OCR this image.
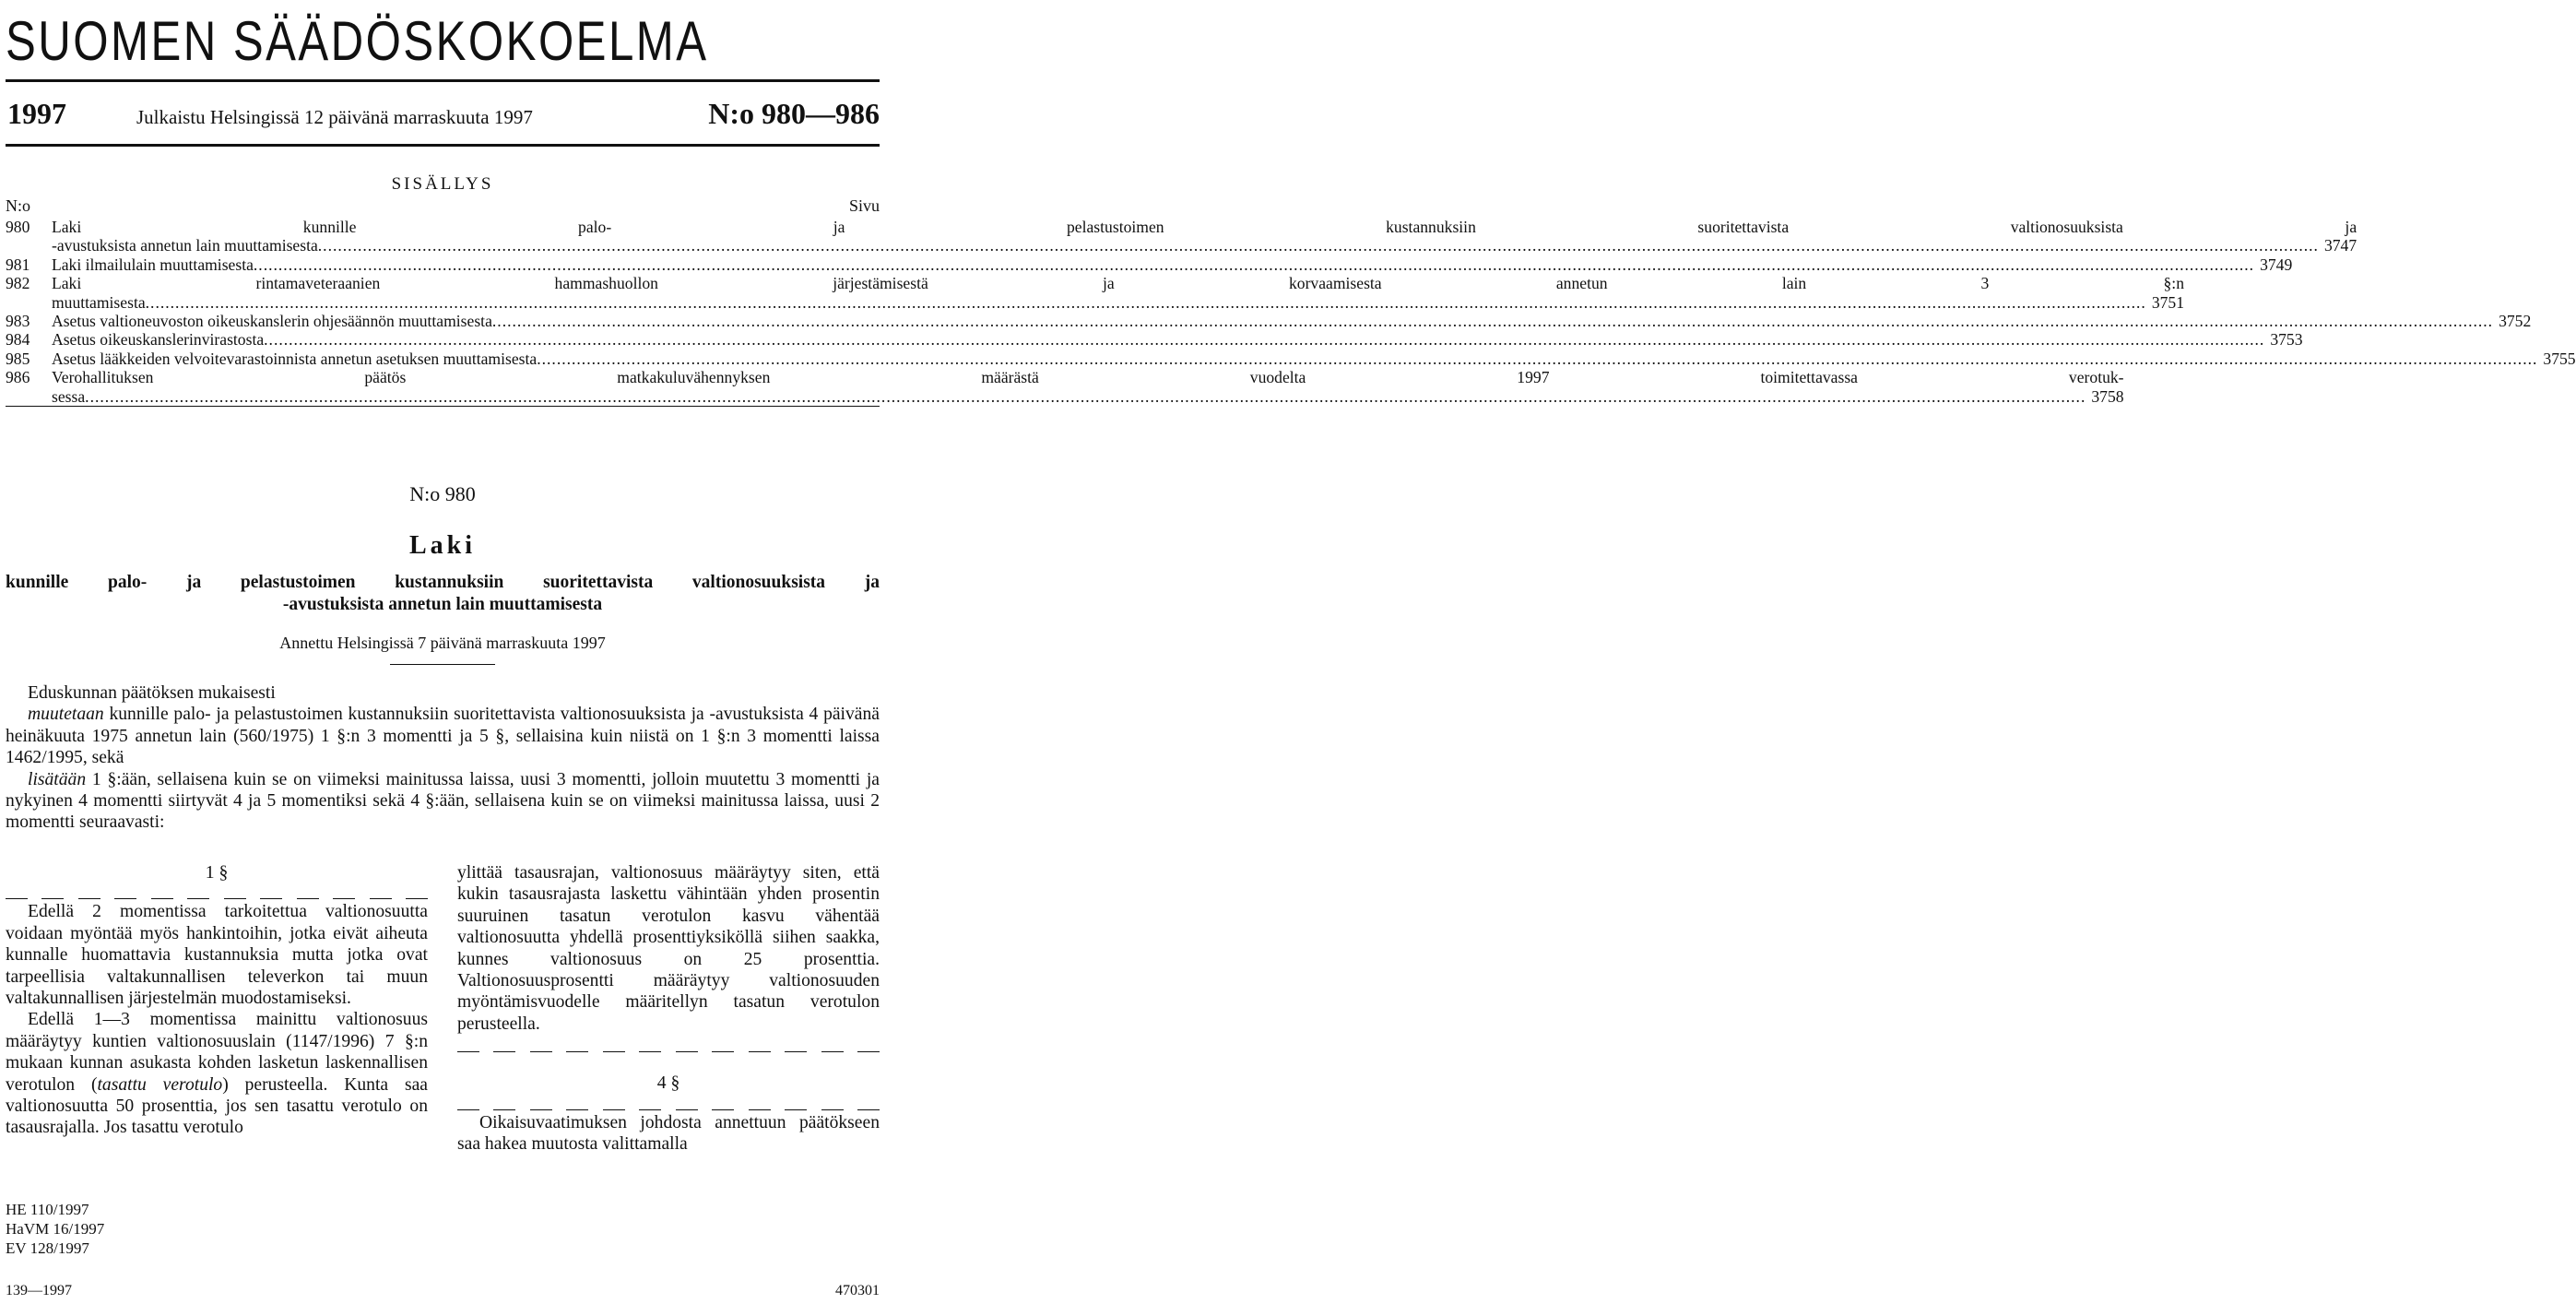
SUOMEN SÄÄDÖSKOKOELMA
1997	Julkaistu Helsingissä 12 päivänä marraskuuta 1997	N:o 980—986
SISÄLLYS
N:o	Sivu
980	Laki kunnille palo- ja pelastustoimen kustannuksiin suoritettavista valtionosuuksista ja
-avustuksista annetun lain muuttamisesta .....	3747
981	Laki ilmailulain muuttamisesta .....	3749
982	Laki rintamaveteraanien hammashuollon järjestämisestä ja korvaamisesta annetun lain 3 §:n
muuttamisesta .....	3751
983	Asetus valtioneuvoston oikeuskanslerin ohjesäännön muuttamisesta .....	3752
984	Asetus oikeuskanslerinvirastosta .....	3753
985	Asetus lääkkeiden velvoitevarastoinnista annetun asetuksen muuttamisesta .....	3755
986	Verohallituksen päätös matkakuluvähennyksen määrästä vuodelta 1997 toimitettavassa verotuk-
sessa .....	3758
N:o 980
Laki
kunnille palo- ja pelastustoimen kustannuksiin suoritettavista valtionosuuksista ja
-avustuksista annetun lain muuttamisesta
Annettu Helsingissä 7 päivänä marraskuuta 1997

Eduskunnan päätöksen mukaisesti

muutetaan kunnille palo- ja pelastustoimen kustannuksiin suoritettavista valtionosuuksista ja -avustuksista 4 päivänä heinäkuuta 1975 annetun lain (560/1975) 1 §:n 3 momentti ja 5 §, sellaisina kuin niistä on 1 §:n 3 momentti laissa 1462/1995, sekä

lisätään 1 §:ään, sellaisena kuin se on viimeksi mainitussa laissa, uusi 3 momentti, jolloin muutettu 3 momentti ja nykyinen 4 momentti siirtyvät 4 ja 5 momentiksi sekä 4 §:ään, sellaisena kuin se on viimeksi mainitussa laissa, uusi 2 momentti seuraavasti:

1 §

Edellä 2 momentissa tarkoitettua valtionosuutta voidaan myöntää myös hankintoihin, jotka eivät aiheuta kunnalle huomattavia kustannuksia mutta jotka ovat tarpeellisia valtakunnallisen televerkon tai muun valtakunnallisen järjestelmän muodostamiseksi.

Edellä 1—3 momentissa mainittu valtionosuus määräytyy kuntien valtionosuuslain (1147/1996) 7 §:n mukaan kunnan asukasta kohden lasketun laskennallisen verotulon (tasattu verotulo) perusteella. Kunta saa valtionosuutta 50 prosenttia, jos sen tasattu verotulo on tasausrajalla. Jos tasattu verotulo

ylittää tasausrajan, valtionosuus määräytyy siten, että kukin tasausrajasta laskettu vähintään yhden prosentin suuruinen tasatun verotulon kasvu vähentää valtionosuutta yhdellä prosenttiyksiköllä siihen saakka, kunnes valtionosuus on 25 prosenttia. Valtionosuusprosentti määräytyy valtionosuuden myöntämisvuodelle määritellyn tasatun verotulon perusteella.

4 §

Oikaisuvaatimuksen johdosta annettuun päätökseen saa hakea muutosta valittamalla

HE 110/1997
HaVM 16/1997
EV 128/1997
139—1997	470301
